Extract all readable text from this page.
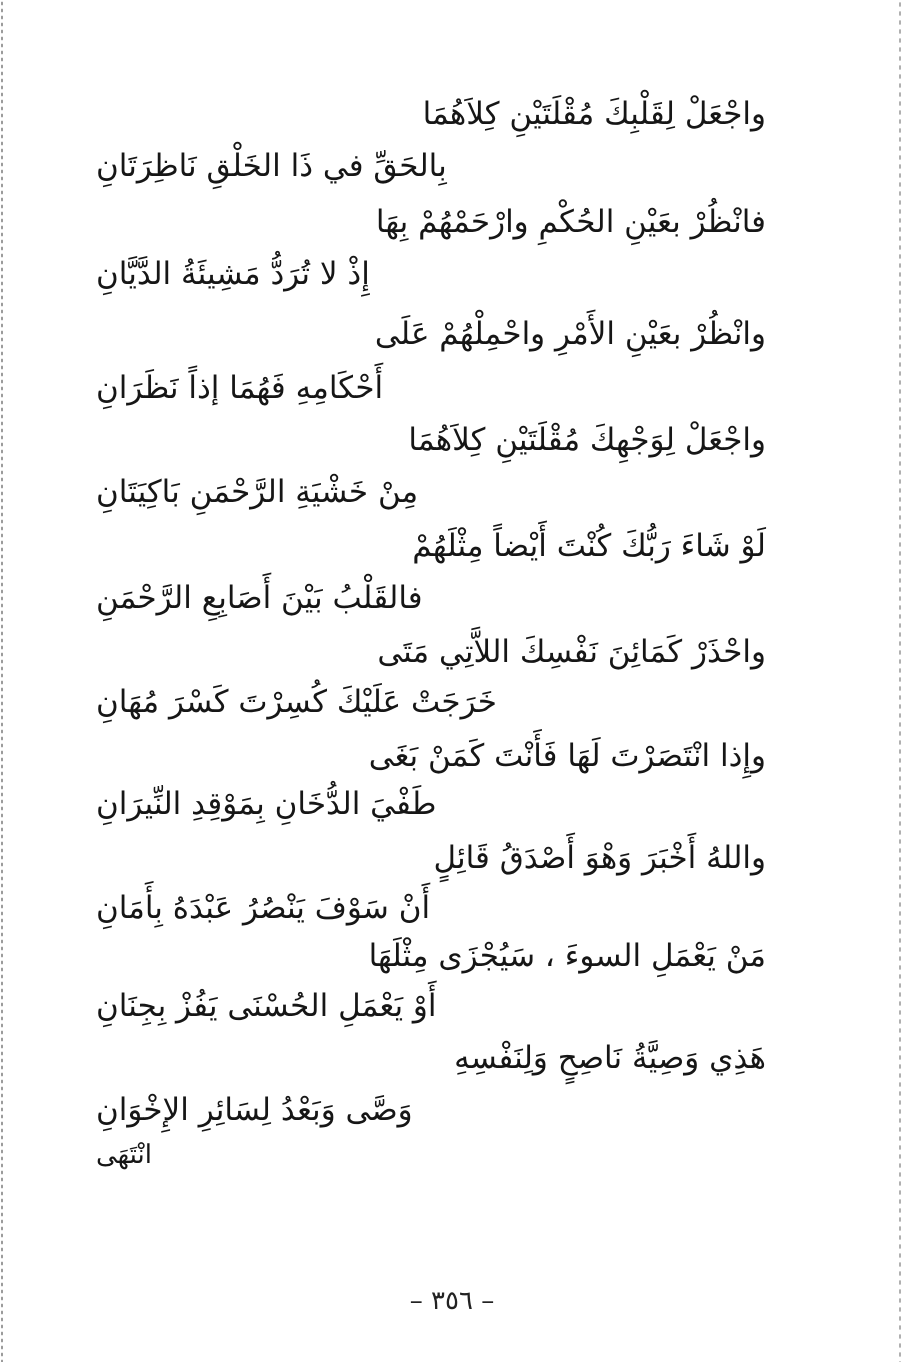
واجْعَلْ لِقَلْبِكَ مُقْلَتَيْنِ كِلاَهُمَا
بِالحَقِّ في ذَا الخَلْقِ نَاظِرَتَانِ
فانْظُرْ بعَيْنِ الحُكْمِ وارْحَمْهُمْ بِهَا
إِذْ لا تُرَدُّ مَشِيئَةُ الدَّيَّانِ
وانْظُرْ بعَيْنِ الأَمْرِ واحْمِلْهُمْ عَلَى
أَحْكَامِهِ فَهُمَا إذاً نَظَرَانِ
واجْعَلْ لِوَجْهِكَ مُقْلَتَيْنِ كِلاَهُمَا
مِنْ خَشْيَةِ الرَّحْمَنِ بَاكِيَتَانِ
لَوْ شَاءَ رَبُّكَ كُنْتَ أَيْضاً مِثْلَهُمْ
فالقَلْبُ بَيْنَ أَصَابِعِ الرَّحْمَنِ
واحْذَرْ كَمَائِنَ نَفْسِكَ اللاَّتِي مَتَى
خَرَجَتْ عَلَيْكَ كُسِرْتَ كَسْرَ مُهَانِ
وإِذا انْتَصَرْتَ لَهَا فَأَنْتَ كَمَنْ بَغَى
طَفْيَ الدُّخَانِ بِمَوْقِدِ النِّيرَانِ
واللهُ أَخْبَرَ وَهْوَ أَصْدَقُ قَائِلٍ
أَنْ سَوْفَ يَنْصُرُ عَبْدَهُ بِأَمَانِ
مَنْ يَعْمَلِ السوءَ ، سَيُجْزَى مِثْلَهَا
أَوْ يَعْمَلِ الحُسْنَى يَفُزْ بِجِنَانِ
هَذِي وَصِيَّةُ نَاصِحٍ وَلِنَفْسِهِ
وَصَّى وَبَعْدُ لِسَائِرِ الإِخْوَانِ
انْتَهَى
– ٣٥٦ –
